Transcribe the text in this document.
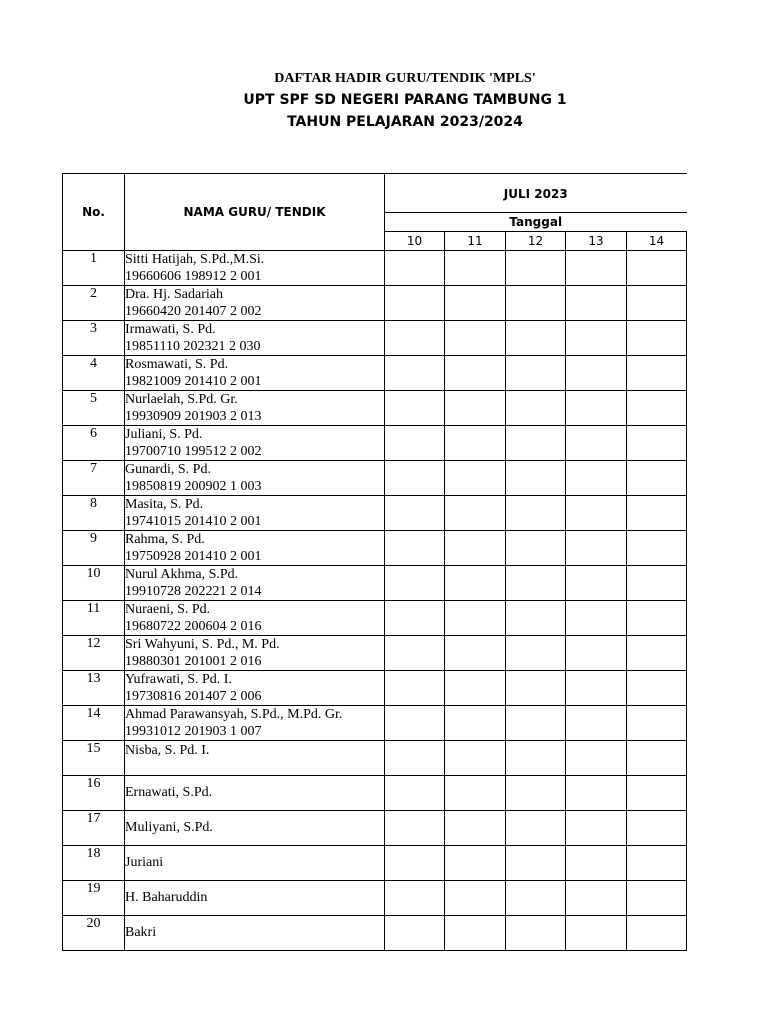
DAFTAR HADIR GURU/TENDIK 'MPLS'
UPT SPF SD NEGERI PARANG TAMBUNG 1
TAHUN PELAJARAN 2023/2024
No.	NAMA GURU/ TENDIK	JULI 2023				
		Tanggal				
		10	11	12	13	14
1	Sitti Hatijah, S.Pd.,M.Si.
19660606 198912 2 001					

2	Dra. Hj. Sadariah
19660420 201407 2 002					

3	Irmawati, S. Pd.
19851110 202321 2 030					

4	Rosmawati, S. Pd.
19821009 201410 2 001					

5	Nurlaelah, S.Pd. Gr.
19930909 201903 2 013					

6	Juliani, S. Pd.
19700710 199512 2 002					

7	Gunardi, S. Pd.
19850819 200902 1 003					

8	Masita, S. Pd.
19741015 201410 2 001					

9	Rahma, S. Pd.
19750928 201410 2 001					

10	Nurul Akhma, S.Pd.
19910728 202221 2 014					

11	Nuraeni, S. Pd.
19680722 200604 2 016					

12	Sri Wahyuni, S. Pd., M. Pd.
19880301 201001 2 016					

13	Yufrawati, S. Pd. I.
19730816 201407 2 006					

14	Ahmad Parawansyah, S.Pd., M.Pd. Gr.
19931012 201903 1 007					

15	Nisba, S. Pd. I.					

16	Ernawati, S.Pd.					

17	Muliyani, S.Pd.					

18	Juriani					

19	H. Baharuddin					

20	Bakri					
